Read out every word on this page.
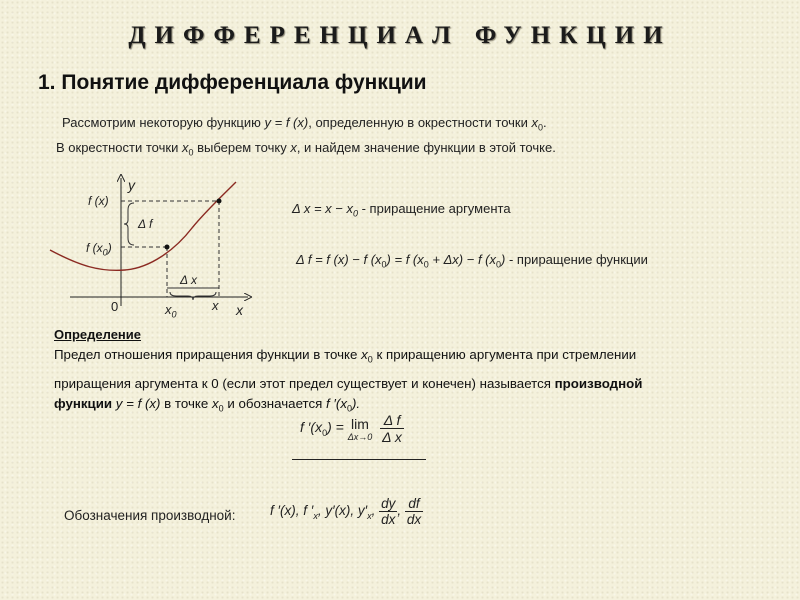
ДИФФЕРЕНЦИАЛ ФУНКЦИИ
1. Понятие дифференциала функции
Рассмотрим некоторую функцию y = f (x), определенную в окрестности точки $x_0$.
В окрестности точки $x_0$ выберем точку x, и найдем значение функции в этой точке.
y
x
0
f (x)
f $(x_0)$
Δ f
Δ x
$x_0$
x
Δ $x = x - x_0$ - приращение аргумента
Δ f = f (x) − f $(x_0) = f$ $(x_0 + \Delta x) - f$ $(x_0)$ - приращение функции
Определение
Предел отношения приращения функции в точке $x_0$ к приращению аргумента при стремлении
приращения аргумента к 0 (если этот предел существует и конечен) называется производной
функции y = f (x) в точке $x_0$ и обозначается f $'(x_0)$.
f $'(x_0) = \lim$
Δx→0
$\frac{\text{Δ f}}{\text{Δ x}}$
Обозначения производной:	f ′(x), f $'_x$, y′(x), $y'_x$, $\frac{dy}{dx}$ , $\frac{df}{dx}$
